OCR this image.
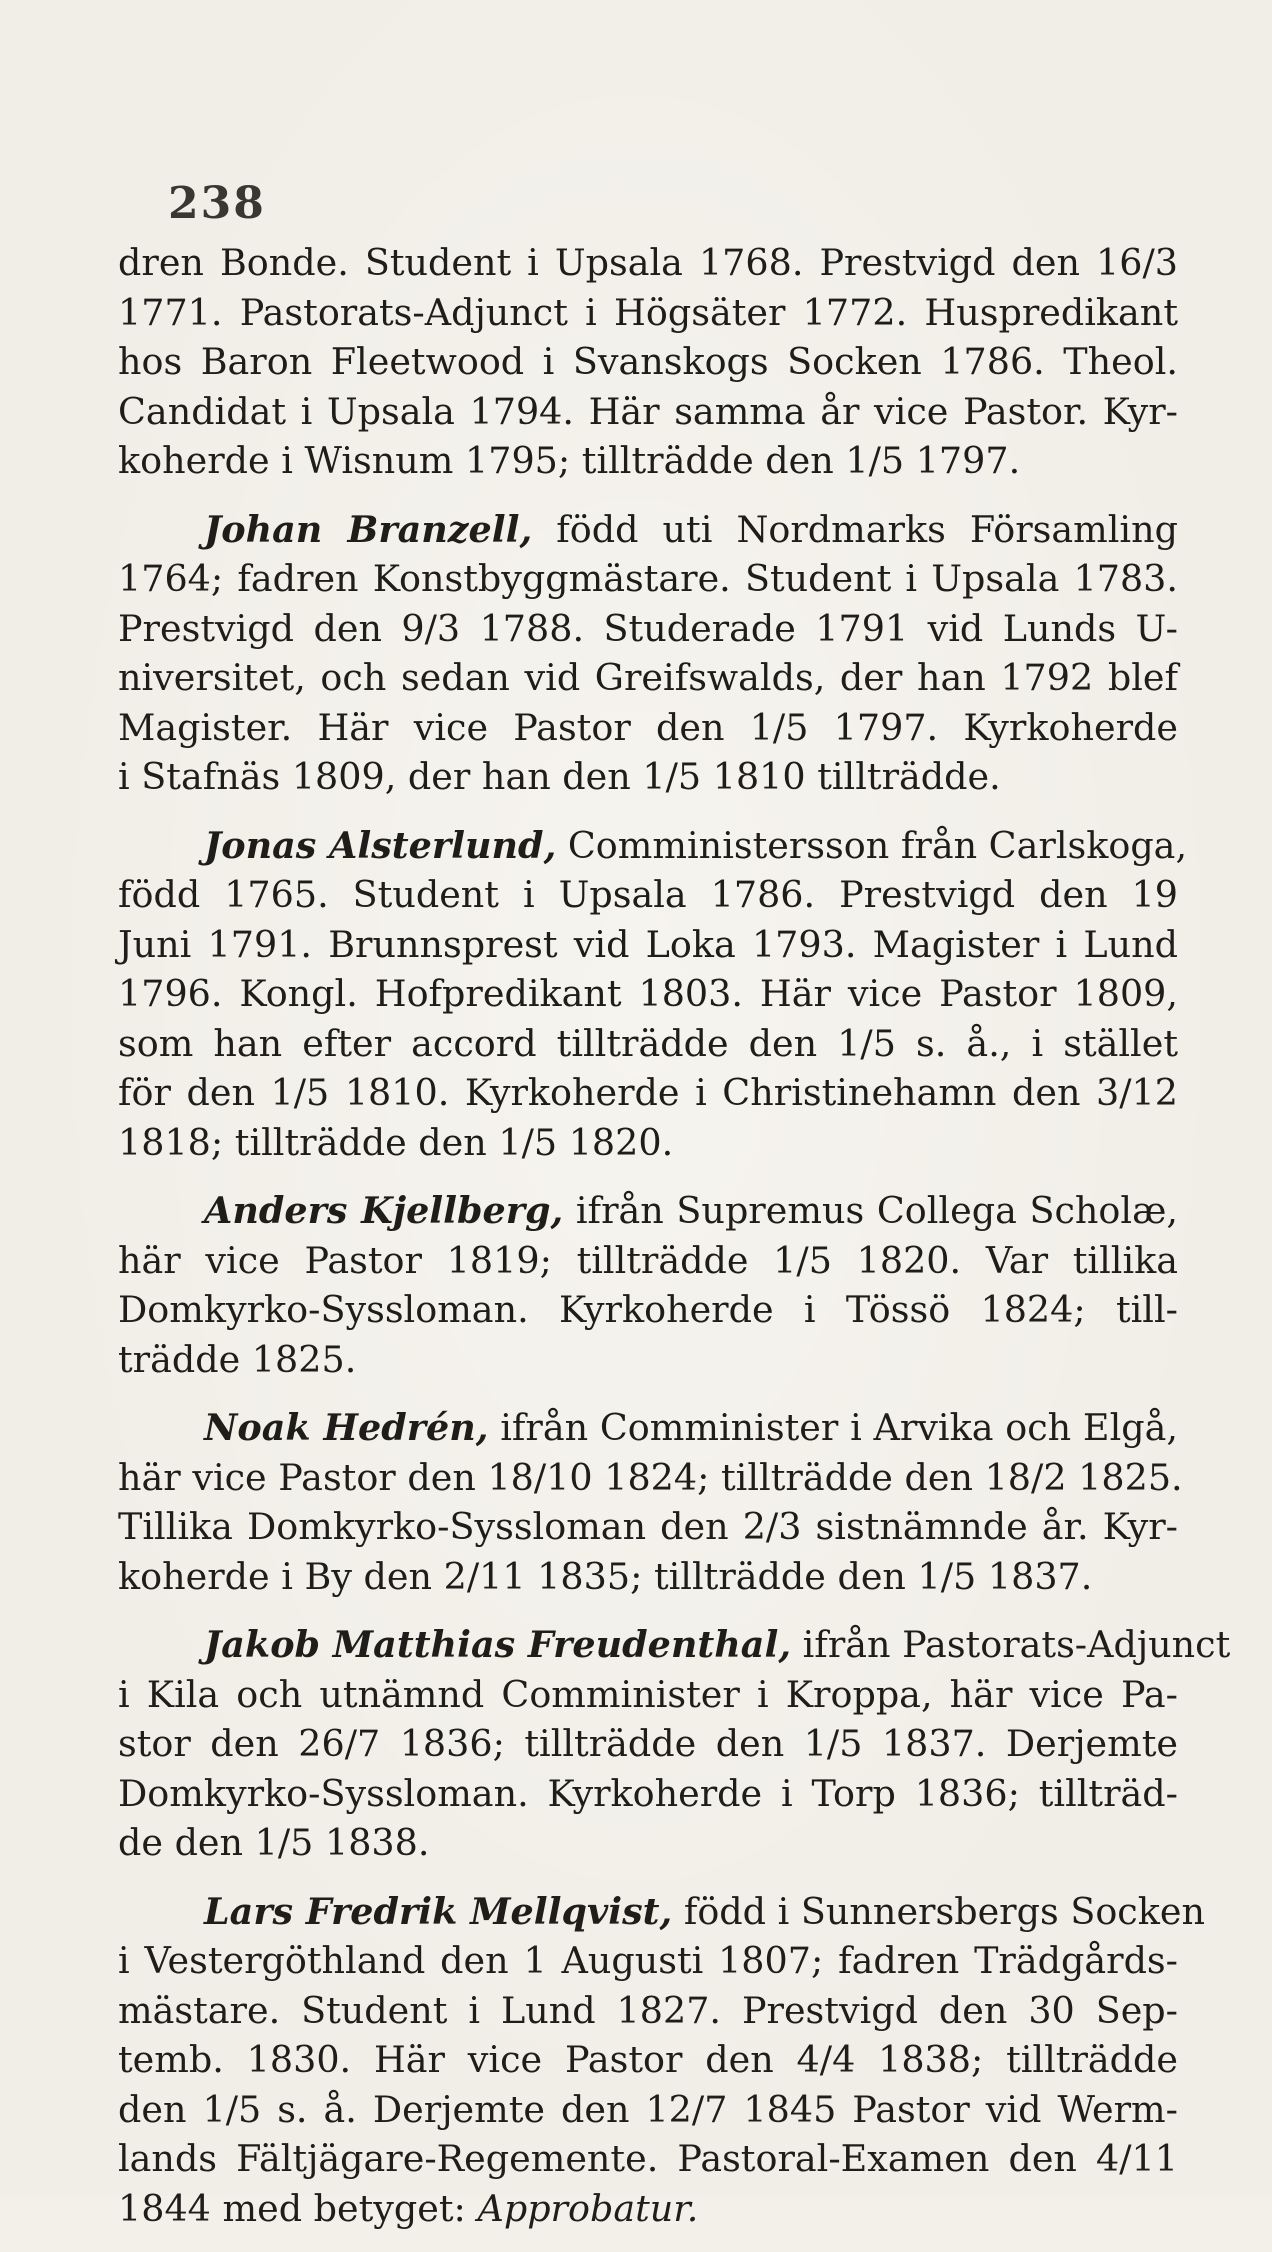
238
dren Bonde. Student i Upsala 1768. Prestvigd den 16/3
1771. Pastorats-Adjunct i Högsäter 1772. Huspredikant
hos Baron Fleetwood i Svanskogs Socken 1786. Theol.
Candidat i Upsala 1794. Här samma år vice Pastor. Kyr-
koherde i Wisnum 1795; tillträdde den 1/5 1797.
Johan Branzell, född uti Nordmarks Församling
1764; fadren Konstbyggmästare. Student i Upsala 1783.
Prestvigd den 9/3 1788. Studerade 1791 vid Lunds U-
niversitet, och sedan vid Greifswalds, der han 1792 blef
Magister. Här vice Pastor den 1/5 1797. Kyrkoherde
i Stafnäs 1809, der han den 1/5 1810 tillträdde.
Jonas Alsterlund, Comministersson från Carlskoga,
född 1765. Student i Upsala 1786. Prestvigd den 19
Juni 1791. Brunnsprest vid Loka 1793. Magister i Lund
1796. Kongl. Hofpredikant 1803. Här vice Pastor 1809,
som han efter accord tillträdde den 1/5 s. å., i stället
för den 1/5 1810. Kyrkoherde i Christinehamn den 3/12
1818; tillträdde den 1/5 1820.
Anders Kjellberg, ifrån Supremus Collega Scholæ,
här vice Pastor 1819; tillträdde 1/5 1820. Var tillika
Domkyrko-Syssloman. Kyrkoherde i Tössö 1824; till-
trädde 1825.
Noak Hedrén, ifrån Comminister i Arvika och Elgå,
här vice Pastor den 18/10 1824; tillträdde den 18/2 1825.
Tillika Domkyrko-Syssloman den 2/3 sistnämnde år. Kyr-
koherde i By den 2/11 1835; tillträdde den 1/5 1837.
Jakob Matthias Freudenthal, ifrån Pastorats-Adjunct
i Kila och utnämnd Comminister i Kroppa, här vice Pa-
stor den 26/7 1836; tillträdde den 1/5 1837. Derjemte
Domkyrko-Syssloman. Kyrkoherde i Torp 1836; tillträd-
de den 1/5 1838.
Lars Fredrik Mellqvist, född i Sunnersbergs Socken
i Vestergöthland den 1 Augusti 1807; fadren Trädgårds-
mästare. Student i Lund 1827. Prestvigd den 30 Sep-
temb. 1830. Här vice Pastor den 4/4 1838; tillträdde
den 1/5 s. å. Derjemte den 12/7 1845 Pastor vid Werm-
lands Fältjägare-Regemente. Pastoral-Examen den 4/11
1844 med betyget: Approbatur.
